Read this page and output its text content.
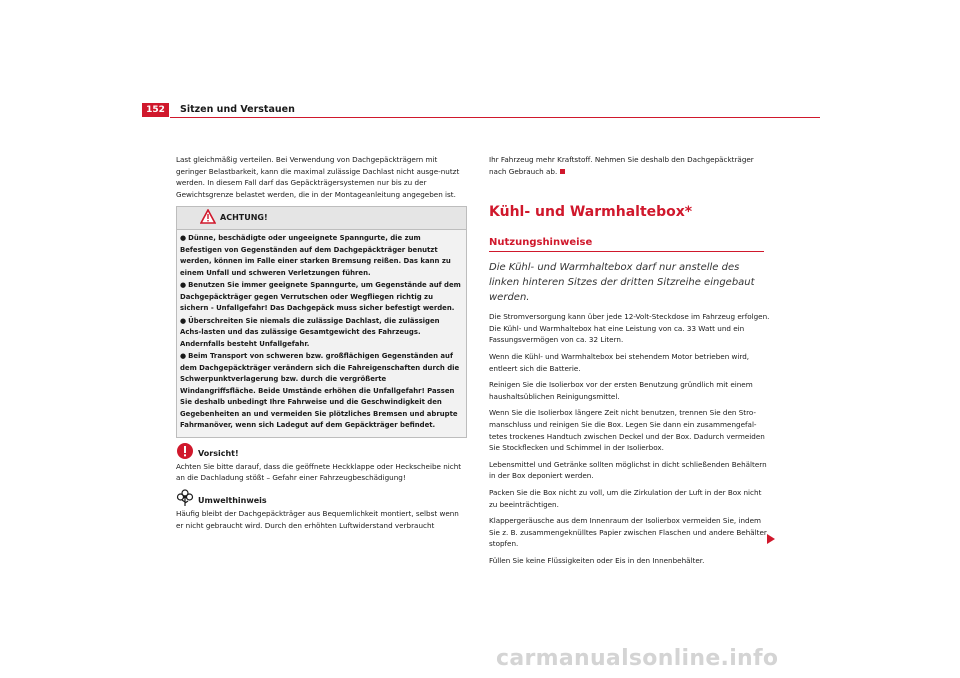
152	Sitzen und Verstauen

Last gleichmäßig verteilen. Bei Verwendung von Dachgepäckträgern mit geringer Belastbarkeit, kann die maximal zulässige Dachlast nicht ausge-nutzt werden. In diesem Fall darf das Gepäckträgersystemen nur bis zu der Gewichtsgrenze belastet werden, die in der Montageanleitung angegeben ist.

ACHTUNG!
● Dünne, beschädigte oder ungeeignete Spanngurte, die zum Befestigen von Gegenständen auf dem Dachgepäckträger benutzt werden, können im Falle einer starken Bremsung reißen. Das kann zu einem Unfall und schweren Verletzungen führen.
● Benutzen Sie immer geeignete Spanngurte, um Gegenstände auf dem Dachgepäckträger gegen Verrutschen oder Wegfliegen richtig zu sichern - Unfallgefahr! Das Dachgepäck muss sicher befestigt werden.
● Überschreiten Sie niemals die zulässige Dachlast, die zulässigen Achs-lasten und das zulässige Gesamtgewicht des Fahrzeugs. Andernfalls besteht Unfallgefahr.
● Beim Transport von schweren bzw. großflächigen Gegenständen auf dem Dachgepäckträger verändern sich die Fahreigenschaften durch die Schwerpunktverlagerung bzw. durch die vergrößerte Windangriffsfläche. Beide Umstände erhöhen die Unfallgefahr! Passen Sie deshalb unbedingt Ihre Fahrweise und die Geschwindigkeit den Gegebenheiten an und vermeiden Sie plötzliches Bremsen und abrupte Fahrmanöver, wenn sich Ladegut auf dem Gepäckträger befindet.
Vorsicht!

Achten Sie bitte darauf, dass die geöffnete Heckklappe oder Heckscheibe nicht an die Dachladung stößt – Gefahr einer Fahrzeugbeschädigung!

Umwelthinweis

Häufig bleibt der Dachgepäckträger aus Bequemlichkeit montiert, selbst wenn er nicht gebraucht wird. Durch den erhöhten Luftwiderstand verbraucht

Ihr Fahrzeug mehr Kraftstoff. Nehmen Sie deshalb den Dachgepäckträger nach Gebrauch ab.

Kühl- und Warmhaltebox*
Nutzungshinweise
Die Kühl- und Warmhaltebox darf nur anstelle des linken hinteren Sitzes der dritten Sitzreihe eingebaut werden.

Die Stromversorgung kann über jede 12-Volt-Steckdose im Fahrzeug erfolgen. Die Kühl- und Warmhaltebox hat eine Leistung von ca. 33 Watt und ein Fassungsvermögen von ca. 32 Litern.

Wenn die Kühl- und Warmhaltebox bei stehendem Motor betrieben wird, entleert sich die Batterie.

Reinigen Sie die Isolierbox vor der ersten Benutzung gründlich mit einem haushaltsüblichen Reinigungsmittel.

Wenn Sie die Isolierbox längere Zeit nicht benutzen, trennen Sie den Stro-manschluss und reinigen Sie die Box. Legen Sie dann ein zusammengefal-tetes trockenes Handtuch zwischen Deckel und der Box. Dadurch vermeiden Sie Stockflecken und Schimmel in der Isolierbox.

Lebensmittel und Getränke sollten möglichst in dicht schließenden Behältern in der Box deponiert werden.

Packen Sie die Box nicht zu voll, um die Zirkulation der Luft in der Box nicht zu beeinträchtigen.

Klappergeräusche aus dem Innenraum der Isolierbox vermeiden Sie, indem Sie z. B. zusammengeknülltes Papier zwischen Flaschen und andere Behälter stopfen.

Füllen Sie keine Flüssigkeiten oder Eis in den Innenbehälter.

carmanualsonline.info
